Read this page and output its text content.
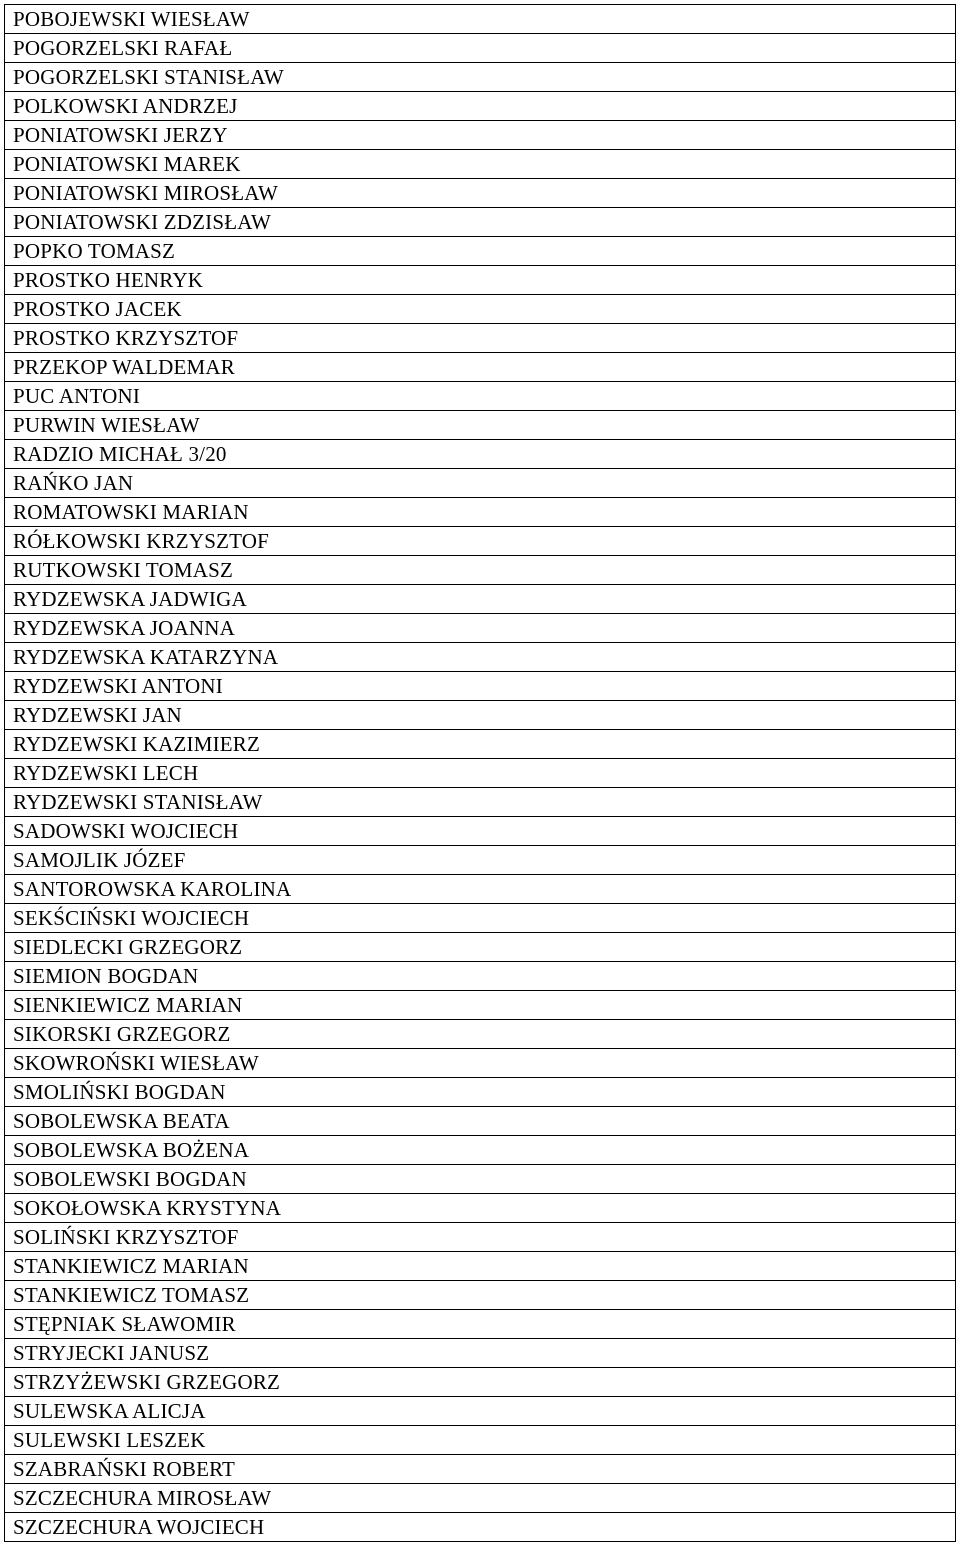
POBOJEWSKI WIESŁAW
POGORZELSKI RAFAŁ
POGORZELSKI STANISŁAW
POLKOWSKI ANDRZEJ
PONIATOWSKI JERZY
PONIATOWSKI MAREK
PONIATOWSKI MIROSŁAW
PONIATOWSKI ZDZISŁAW
POPKO TOMASZ
PROSTKO HENRYK
PROSTKO JACEK
PROSTKO KRZYSZTOF
PRZEKOP WALDEMAR
PUC ANTONI
PURWIN WIESŁAW
RADZIO MICHAŁ 3/20
RAŃKO JAN
ROMATOWSKI MARIAN
RÓŁKOWSKI KRZYSZTOF
RUTKOWSKI TOMASZ
RYDZEWSKA JADWIGA
RYDZEWSKA JOANNA
RYDZEWSKA KATARZYNA
RYDZEWSKI ANTONI
RYDZEWSKI JAN
RYDZEWSKI KAZIMIERZ
RYDZEWSKI LECH
RYDZEWSKI STANISŁAW
SADOWSKI WOJCIECH
SAMOJLIK JÓZEF
SANTOROWSKA KAROLINA
SEKŚCIŃSKI WOJCIECH
SIEDLECKI GRZEGORZ
SIEMION BOGDAN
SIENKIEWICZ MARIAN
SIKORSKI GRZEGORZ
SKOWROŃSKI WIESŁAW
SMOLIŃSKI BOGDAN
SOBOLEWSKA BEATA
SOBOLEWSKA BOŻENA
SOBOLEWSKI BOGDAN
SOKOŁOWSKA KRYSTYNA
SOLIŃSKI KRZYSZTOF
STANKIEWICZ MARIAN
STANKIEWICZ TOMASZ
STĘPNIAK SŁAWOMIR
STRYJECKI JANUSZ
STRZYŻEWSKI GRZEGORZ
SULEWSKA ALICJA
SULEWSKI LESZEK
SZABRAŃSKI ROBERT
SZCZECHURA MIROSŁAW
SZCZECHURA WOJCIECH
